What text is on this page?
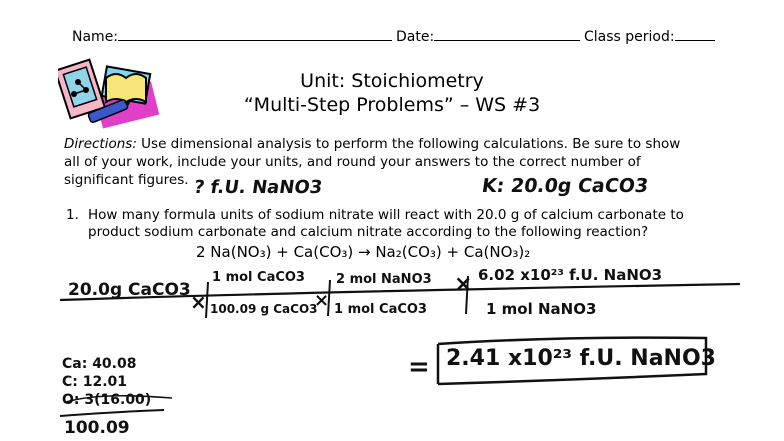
Name:	Date:	Class period:
Unit: Stoichiometry
“Multi-Step Problems” – WS #3
Directions: Use dimensional analysis to perform the following calculations. Be sure to show
all of your work, include your units, and round your answers to the correct number of
significant figures. ? f.U. NaNO3	K: 20.0g CaCO3
1. How many formula units of sodium nitrate will react with 20.0 g of calcium carbonate to
product sodium carbonate and calcium nitrate according to the following reaction?
2 Na(NO₃) + Ca(CO₃) → Na₂(CO₃) + Ca(NO₃)₂
20.0g CaCO3 ×
1 mol CaCO3
100.09 g CaCO3
×
2 mol NaNO3
1 mol CaCO3
× 6.02 x10²³ f.U. NaNO3
1 mol NaNO3
= 2.41 x10²³ f.U. NaNO3
Ca: 40.08
C: 12.01
O: 3(16.00)
100.09
